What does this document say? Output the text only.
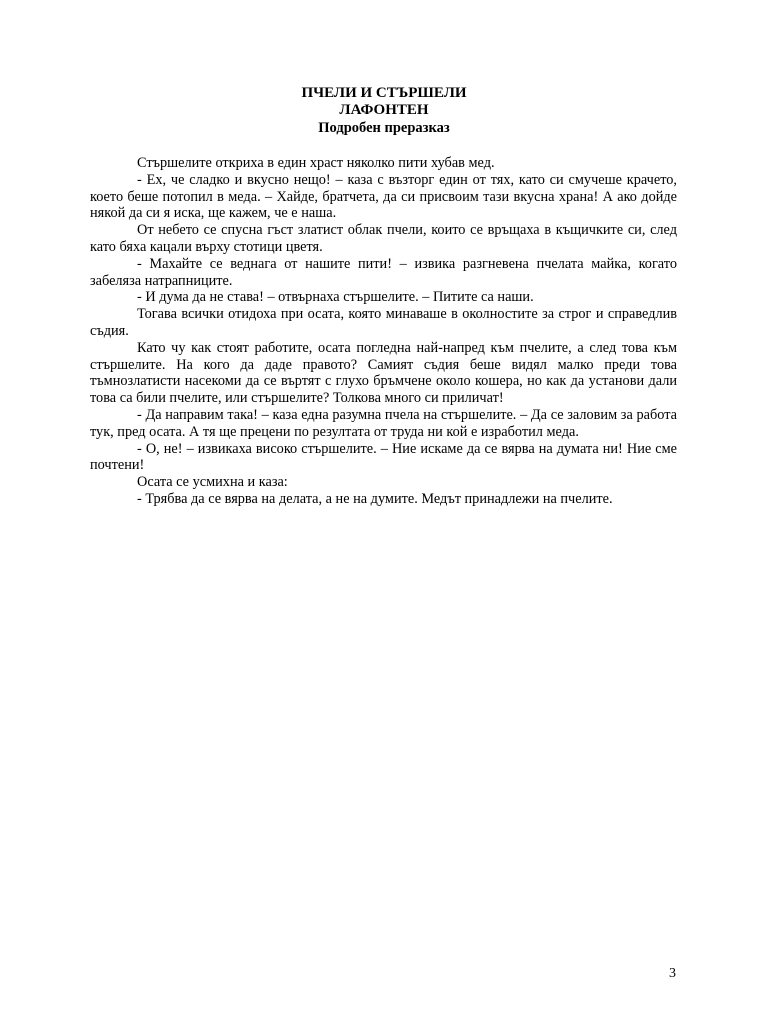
ПЧЕЛИ И СТЪРШЕЛИ
ЛАФОНТЕН
Подробен преразказ

Стършелите откриха в един храст няколко пити хубав мед.

- Ех, че сладко и вкусно нещо! – каза с възторг един от тях, като си смучеше крачето, което беше потопил в меда. – Хайде, братчета, да си присвоим тази вкусна храна! А ако дойде някой да си я иска, ще кажем, че е наша.

От небето се спусна гъст златист облак пчели, които се връщаха в къщичките си, след като бяха кацали върху стотици цветя.

- Махайте се веднага от нашите пити! – извика разгневена пчелата майка, когато забеляза натрапниците.

- И дума да не става! – отвърнаха стършелите. – Питите са наши.

Тогава всички отидоха при осата, която минаваше в околностите за строг и справедлив съдия.

Като чу как стоят работите, осата погледна най-напред към пчелите, а след това към стършелите. На кого да даде правото? Самият съдия беше видял малко преди това тъмнозлатисти насекоми да се въртят с глухо бръмчене около кошера, но как да установи дали това са били пчелите, или стършелите? Толкова много си приличат!

- Да направим така! – каза една разумна пчела на стършелите. – Да се заловим за работа тук, пред осата. А тя ще прецени по резултата от труда ни кой е изработил меда.

- О, не! – извикаха високо стършелите. – Ние искаме да се вярва на думата ни! Ние сме почтени!

Осата се усмихна и каза:

- Трябва да се вярва на делата, а не на думите. Медът принадлежи на пчелите.

3
